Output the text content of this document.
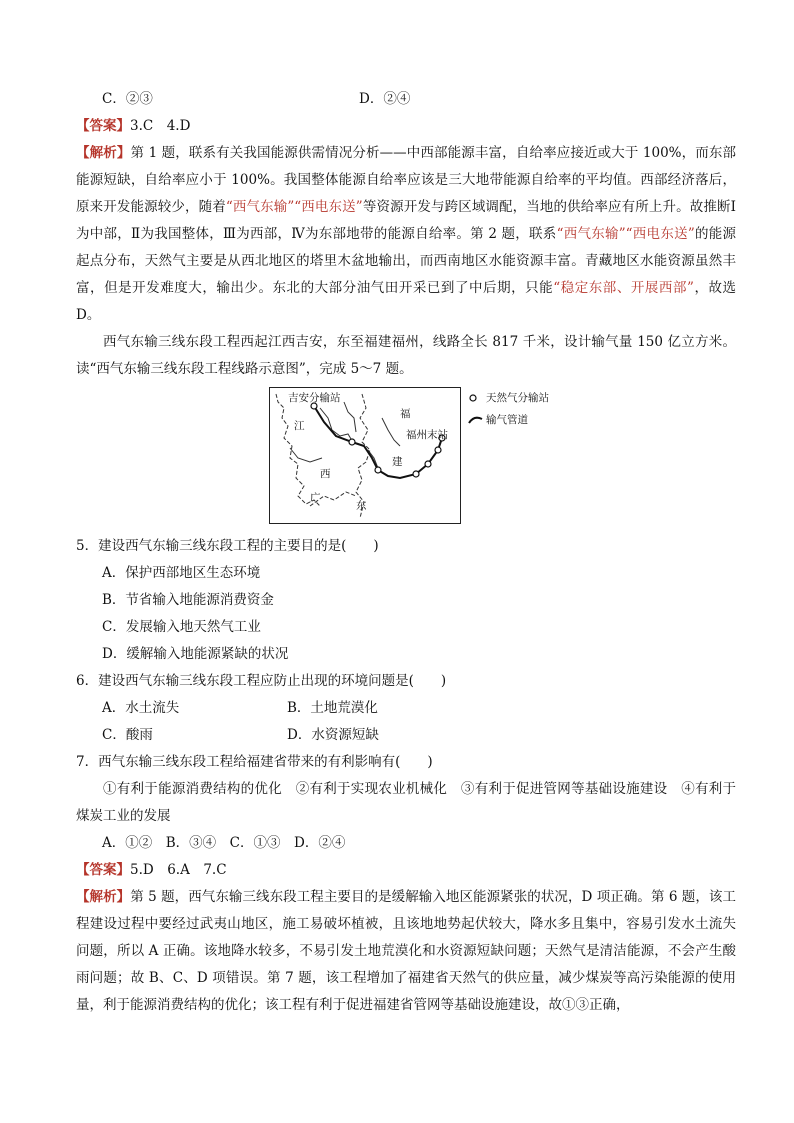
C．②③	D．②④
【答案】3.C　4.D
【解析】第 1 题，联系有关我国能源供需情况分析——中西部能源丰富，自给率应接近或大于 100%，而东部能源短缺，自给率应小于 100%。我国整体能源自给率应该是三大地带能源自给率的平均值。西部经济落后，原来开发能源较少，随着“西气东输”“西电东送”等资源开发与跨区域调配，当地的供给率应有所上升。故推断Ⅰ为中部，Ⅱ为我国整体，Ⅲ为西部，Ⅳ为东部地带的能源自给率。第 2 题，联系“西气东输”“西电东送”的能源起点分布，天然气主要是从西北地区的塔里木盆地输出，而西南地区水能资源丰富。青藏地区水能资源虽然丰富，但是开发难度大，输出少。东北的大部分油气田开采已到了中后期，只能“稳定东部、开展西部”，故选 D。
西气东输三线东段工程西起江西吉安，东至福建福州，线路全长 817 千米，设计输气量 150 亿立方米。读“西气东输三线东段工程线路示意图”，完成 5～7 题。
吉安分输站
福
江
福州末站
建
西
广
东
天然气分输站
输气管道
5．建设西气东输三线东段工程的主要目的是(　　)
A．保护西部地区生态环境
B．节省输入地能源消费资金
C．发展输入地天然气工业
D．缓解输入地能源紧缺的状况
6．建设西气东输三线东段工程应防止出现的环境问题是(　　)
A．水土流失	B．土地荒漠化
C．酸雨	D．水资源短缺
7．西气东输三线东段工程给福建省带来的有利影响有(　　)
①有利于能源消费结构的优化　②有利于实现农业机械化　③有利于促进管网等基础设施建设　④有利于煤炭工业的发展
A．①②　B．③④　C．①③　D．②④
【答案】5.D　6.A　7.C
【解析】第 5 题，西气东输三线东段工程主要目的是缓解输入地区能源紧张的状况，D 项正确。第 6 题，该工程建设过程中要经过武夷山地区，施工易破坏植被，且该地地势起伏较大，降水多且集中，容易引发水土流失问题，所以 A 正确。该地降水较多，不易引发土地荒漠化和水资源短缺问题；天然气是清洁能源，不会产生酸雨问题；故 B、C、D 项错误。第 7 题，该工程增加了福建省天然气的供应量，减少煤炭等高污染能源的使用量，利于能源消费结构的优化；该工程有利于促进福建省管网等基础设施建设，故①③正确，
